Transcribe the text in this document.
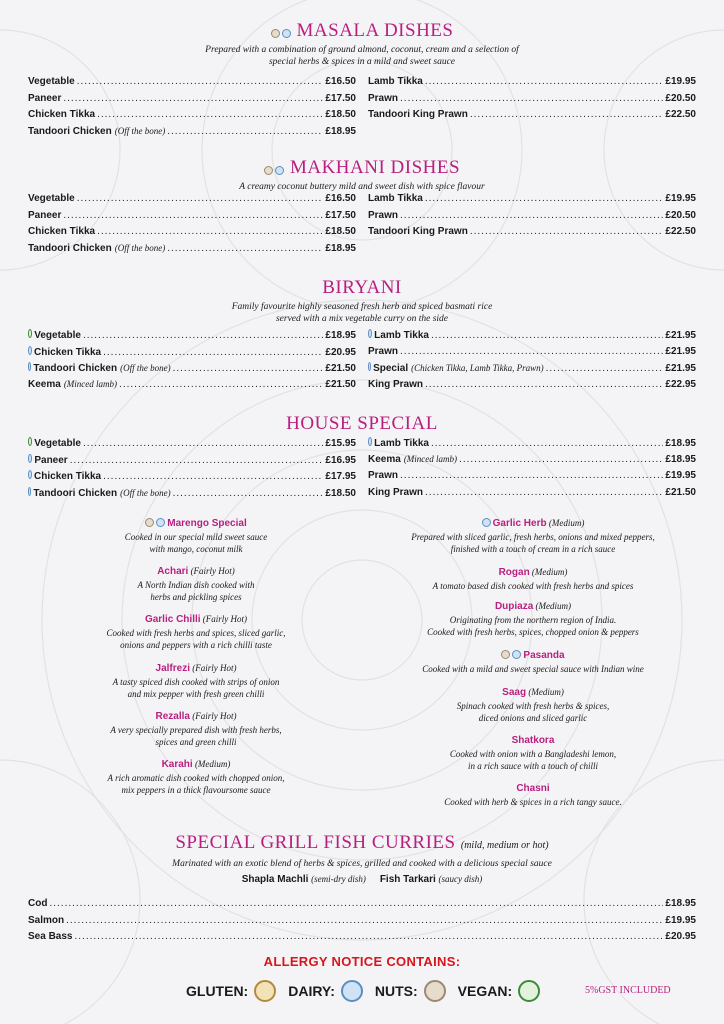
MASALA DISHES
Prepared with a combination of ground almond, coconut, cream and a selection of
special herbs & spices in a mild and sweet sauce
Vegetable .....	£16.50
Paneer .....	£17.50
Chicken Tikka .....	£18.50
Tandoori Chicken (Off the bone) .....	£18.95
Lamb Tikka .....	£19.95
Prawn .....	£20.50
Tandoori King Prawn .....	£22.50
MAKHANI DISHES
A creamy coconut buttery mild and sweet dish with spice flavour
Vegetable .....	£16.50
Paneer .....	£17.50
Chicken Tikka .....	£18.50
Tandoori Chicken (Off the bone) .....	£18.95
Lamb Tikka .....	£19.95
Prawn .....	£20.50
Tandoori King Prawn .....	£22.50
BIRYANI
Family favourite highly seasoned fresh herb and spiced basmati rice
served with a mix vegetable curry on the side
Vegetable .....	£18.95
Chicken Tikka .....	£20.95
Tandoori Chicken (Off the bone) .....	£21.50
Keema (Minced lamb) .....	£21.50
Lamb Tikka .....	£21.95
Prawn .....	£21.95
Special (Chicken Tikka, Lamb Tikka, Prawn) .....	£21.95
King Prawn .....	£22.95
HOUSE SPECIAL
Vegetable .....	£15.95
Paneer .....	£16.95
Chicken Tikka .....	£17.95
Tandoori Chicken (Off the bone) .....	£18.50
Lamb Tikka .....	£18.95
Keema (Minced lamb) .....	£18.95
Prawn .....	£19.95
King Prawn .....	£21.50
Marengo Special
Cooked in our special mild sweet sauce
with mango, coconut milk
Achari (Fairly Hot)
A North Indian dish cooked with
herbs and pickling spices
Garlic Chilli (Fairly Hot)
Cooked with fresh herbs and spices, sliced garlic,
onions and peppers with a rich chilli taste
Jalfrezi (Fairly Hot)
A tasty spiced dish cooked with strips of onion
and mix pepper with fresh green chilli
Rezalla (Fairly Hot)
A very specially prepared dish with fresh herbs,
spices and green chilli
Karahi (Medium)
A rich aromatic dish cooked with chopped onion,
mix peppers in a thick flavoursome sauce
Garlic Herb (Medium)
Prepared with sliced garlic, fresh herbs, onions and mixed peppers,
finished with a touch of cream in a rich sauce
Rogan (Medium)
A tomato based dish cooked with fresh herbs and spices
Dupiaza (Medium)
Originating from the northern region of India.
Cooked with fresh herbs, spices, chopped onion & peppers
Pasanda
Cooked with a mild and sweet special sauce with Indian wine
Saag (Medium)
Spinach cooked with fresh herbs & spices,
diced onions and sliced garlic
Shatkora
Cooked with onion with a Bangladeshi lemon,
in a rich sauce with a touch of chilli
Chasni
Cooked with herb & spices in a rich tangy sauce.
SPECIAL GRILL FISH CURRIES (mild, medium or hot)
Marinated with an exotic blend of herbs & spices, grilled and cooked with a delicious special sauce
Shapla Machli (semi-dry dish) Fish Tarkari (saucy dish)
Cod .....	£18.95
Salmon .....	£19.95
Sea Bass .....	£20.95
ALLERGY NOTICE CONTAINS:
GLUTEN:	DAIRY:	NUTS:	VEGAN:	5%GST INCLUDED
